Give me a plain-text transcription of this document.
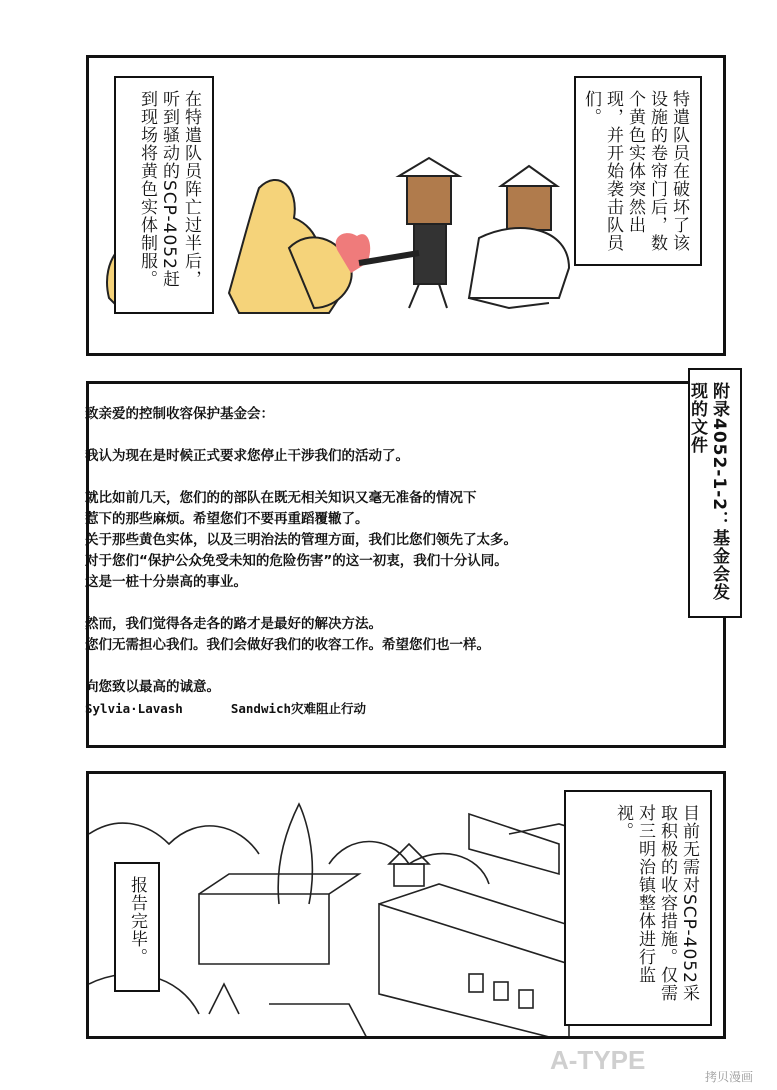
在特遣队员阵亡过半后，听到骚动的SCP-4052赶到现场将黄色实体制服。	特遣队员在破坏了该设施的卷帘门后，数个黄色实体突然出现，并开始袭击队员们。

致亲爱的控制收容保护基金会：

我认为现在是时候正式要求您停止干涉我们的活动了。

就比如前几天，您们的的部队在既无相关知识又毫无准备的情况下

惹下的那些麻烦。希望您们不要再重蹈覆辙了。

关于那些黄色实体，以及三明治法的管理方面，我们比您们领先了太多。

对于您们“保护公众免受未知的危险伤害”的这一初衷，我们十分认同。

这是一桩十分崇高的事业。

然而，我们觉得各走各的路才是最好的解决方法。

您们无需担心我们。我们会做好我们的收容工作。希望您们也一样。

向您致以最高的诚意。

Sylvia·Lavash	Sandwich灾难阻止行动
附录4052-1-2：基金会发现的文件
报告完毕。	目前无需对SCP-4052采取积极的收容措施。仅需对三明治镇整体进行监视。
A-TYPE
拷贝漫画
